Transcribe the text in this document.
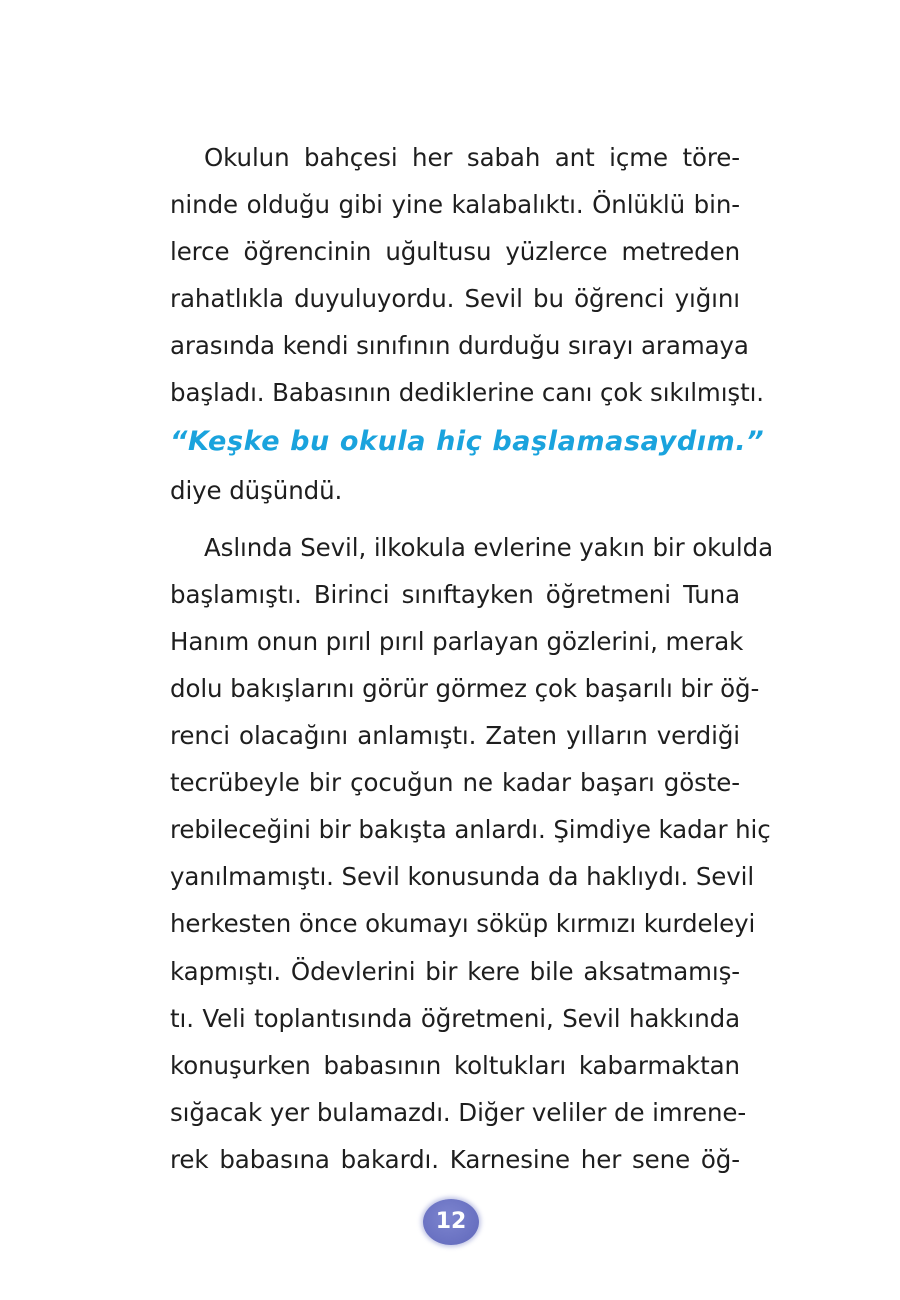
Okulun bahçesi her sabah ant içme töre-
ninde olduğu gibi yine kalabalıktı. Önlüklü bin-
lerce öğrencinin uğultusu yüzlerce metreden
rahatlıkla duyuluyordu. Sevil bu öğrenci yığını
arasında kendi sınıfının durduğu sırayı aramaya
başladı. Babasının dediklerine canı çok sıkılmıştı.
“Keşke bu okula hiç başlamasaydım.”
diye düşündü.
Aslında Sevil, ilkokula evlerine yakın bir okulda
başlamıştı. Birinci sınıftayken öğretmeni Tuna
Hanım onun pırıl pırıl parlayan gözlerini, merak
dolu bakışlarını görür görmez çok başarılı bir öğ-
renci olacağını anlamıştı. Zaten yılların verdiği
tecrübeyle bir çocuğun ne kadar başarı göste-
rebileceğini bir bakışta anlardı. Şimdiye kadar hiç
yanılmamıştı. Sevil konusunda da haklıydı. Sevil
herkesten önce okumayı söküp kırmızı kurdeleyi
kapmıştı. Ödevlerini bir kere bile aksatmamış-
tı. Veli toplantısında öğretmeni, Sevil hakkında
konuşurken babasının koltukları kabarmaktan
sığacak yer bulamazdı. Diğer veliler de imrene-
rek babasına bakardı. Karnesine her sene öğ-
12
